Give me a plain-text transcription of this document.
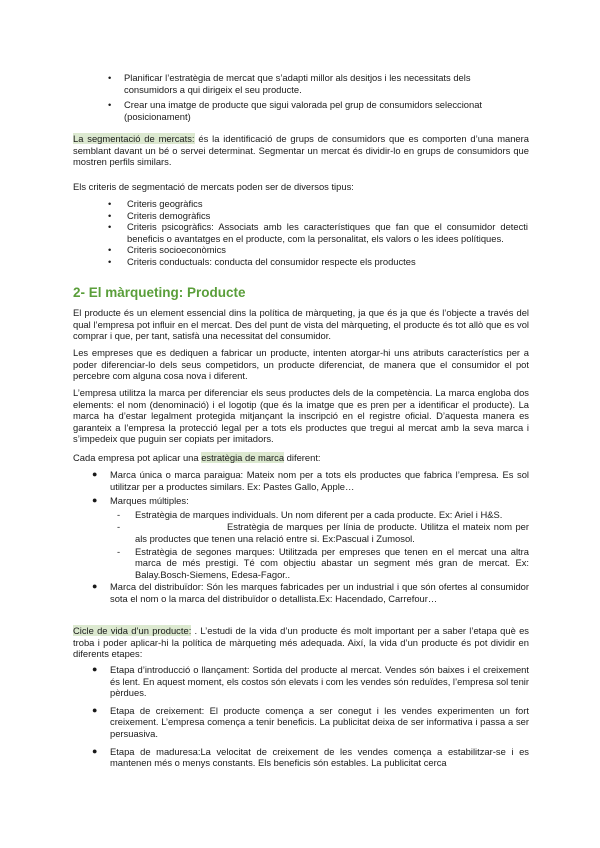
• Planificar l’estratègia de mercat que s’adapti millor als desitjos i les necessitats dels consumidors a qui dirigeix el seu producte.
• Crear una imatge de producte que sigui valorada pel grup de consumidors seleccionat (posicionament)
La segmentació de mercats: és la identificació de grups de consumidors que es comporten d’una manera semblant davant un bé o servei determinat. Segmentar un mercat és dividir-lo en grups de consumidors que mostren perfils similars.
Els criteris de segmentació de mercats poden ser de diversos tipus:
• Criteris geogràfics
• Criteris demogràfics
• Criteris psicogràfics: Associats amb les característiques que fan que el consumidor detecti beneficis o avantatges en el producte, com la personalitat, els valors o les idees polítiques.
• Criteris socioeconòmics
• Criteris conductuals: conducta del consumidor respecte els productes
2- El màrqueting: Producte
El producte és un element essencial dins la política de màrqueting, ja que és ja que és l’objecte a través del qual l’empresa pot influir en el mercat. Des del punt de vista del màrqueting, el producte és tot allò que es vol comprar i que, per tant, satisfà una necessitat del consumidor.
Les empreses que es dediquen a fabricar un producte, intenten atorgar-hi uns atributs característics per a poder diferenciar-lo dels seus competidors, un producte diferenciat, de manera que el consumidor el pot percebre com alguna cosa nova i diferent.
L’empresa utilitza la marca per diferenciar els seus productes dels de la competència. La marca engloba dos elements: el nom (denominació) i el logotip (que és la imatge que es pren per a identificar el producte). La marca ha d’estar legalment protegida mitjançant la inscripció en el registre oficial. D’aquesta manera es garanteix a l’empresa la protecció legal per a tots els productes que tregui al mercat amb la seva marca i s’impedeix que puguin ser copiats per imitadors.
Cada empresa pot aplicar una estratègia de marca diferent:
● Marca única o marca paraigua: Mateix nom per a tots els productes que fabrica l’empresa. Es sol utilitzar per a productes similars. Ex: Pastes Gallo, Apple…
● Marques múltiples:
- Estratègia de marques individuals. Un nom diferent per a cada producte. Ex: Ariel i H&S.
-	Estratègia de marques per línia de producte. Utilitza el mateix nom per als productes que tenen una relació entre si. Ex:Pascual i Zumosol.
- Estratègia de segones marques: Utilitzada per empreses que tenen en el mercat una altra marca de més prestigi. Té com objectiu abastar un segment més gran de mercat. Ex: Balay.Bosch-Siemens, Edesa-Fagor..
● Marca del distribuïdor: Són les marques fabricades per un industrial i que són ofertes al consumidor sota el nom o la marca del distribuïdor o detallista.Ex: Hacendado, Carrefour…
Cicle de vida d’un producte: . L’estudi de la vida d’un producte és molt important per a saber l’etapa què es troba i poder aplicar-hi la política de màrqueting més adequada. Així, la vida d’un producte és pot dividir en diferents etapes:
● Etapa d’introducció o llançament: Sortida del producte al mercat. Vendes són baixes i el creixement és lent. En aquest moment, els costos són elevats i com les vendes són reduïdes, l’empresa sol tenir pèrdues.
● Etapa de creixement: El producte comença a ser conegut i les vendes experimenten un fort creixement. L’empresa comença a tenir beneficis. La publicitat deixa de ser informativa i passa a ser persuasiva.
● Etapa de maduresa:La velocitat de creixement de les vendes comença a estabilitzar-se i es mantenen més o menys constants. Els beneficis són estables. La publicitat cerca
